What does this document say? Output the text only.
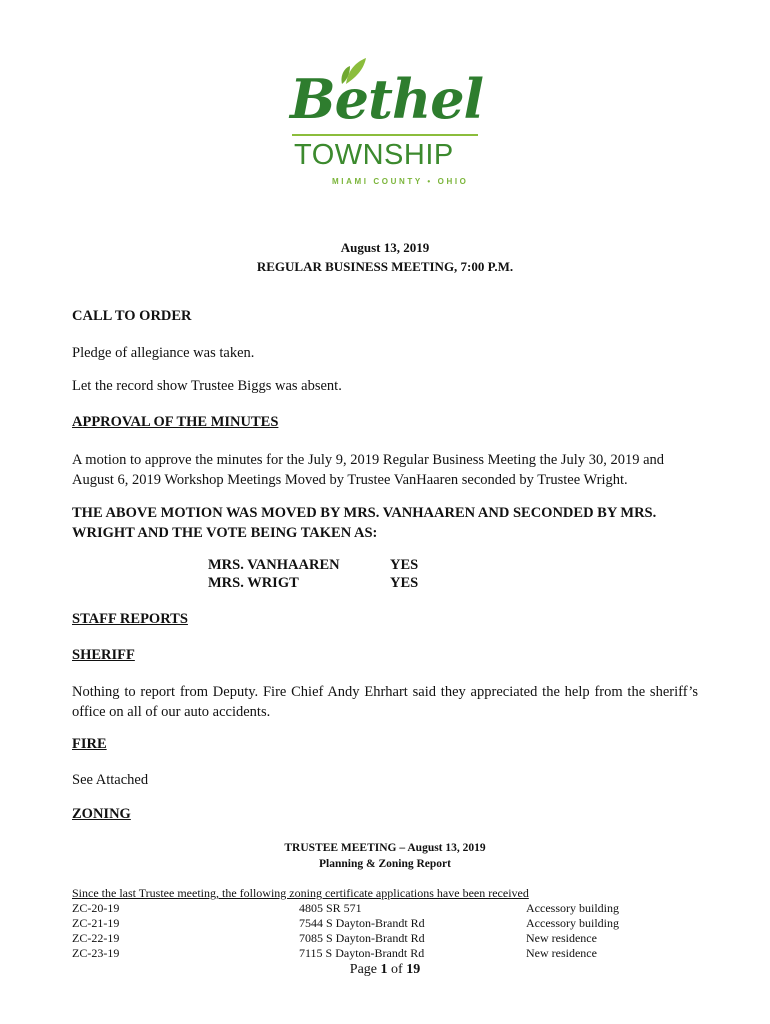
Bethel
TOWNSHIP
MIAMI COUNTY • OHIO
August 13, 2019
REGULAR BUSINESS MEETING, 7:00 P.M.
CALL TO ORDER
Pledge of allegiance was taken.
Let the record show Trustee Biggs was absent.
APPROVAL OF THE MINUTES
A motion to approve the minutes for the July 9, 2019 Regular Business Meeting the July 30, 2019 and August 6, 2019 Workshop Meetings Moved by Trustee VanHaaren seconded by Trustee Wright.
THE ABOVE MOTION WAS MOVED BY MRS. VANHAAREN AND SECONDED BY MRS. WRIGHT AND THE VOTE BEING TAKEN AS:
MRS. VANHAAREN	YES
MRS. WRIGT	YES
STAFF REPORTS
SHERIFF
Nothing to report from Deputy. Fire Chief Andy Ehrhart said they appreciated the help from the sheriff’s office on all of our auto accidents.
FIRE
See Attached
ZONING
TRUSTEE MEETING – August 13, 2019
Planning & Zoning Report
Since the last Trustee meeting, the following zoning certificate applications have been received
ZC-20-19	4805 SR 571	Accessory building
ZC-21-19	7544 S Dayton-Brandt Rd	Accessory building
ZC-22-19	7085 S Dayton-Brandt Rd	New residence
ZC-23-19	7115 S Dayton-Brandt Rd	New residence
Page 1 of 19
